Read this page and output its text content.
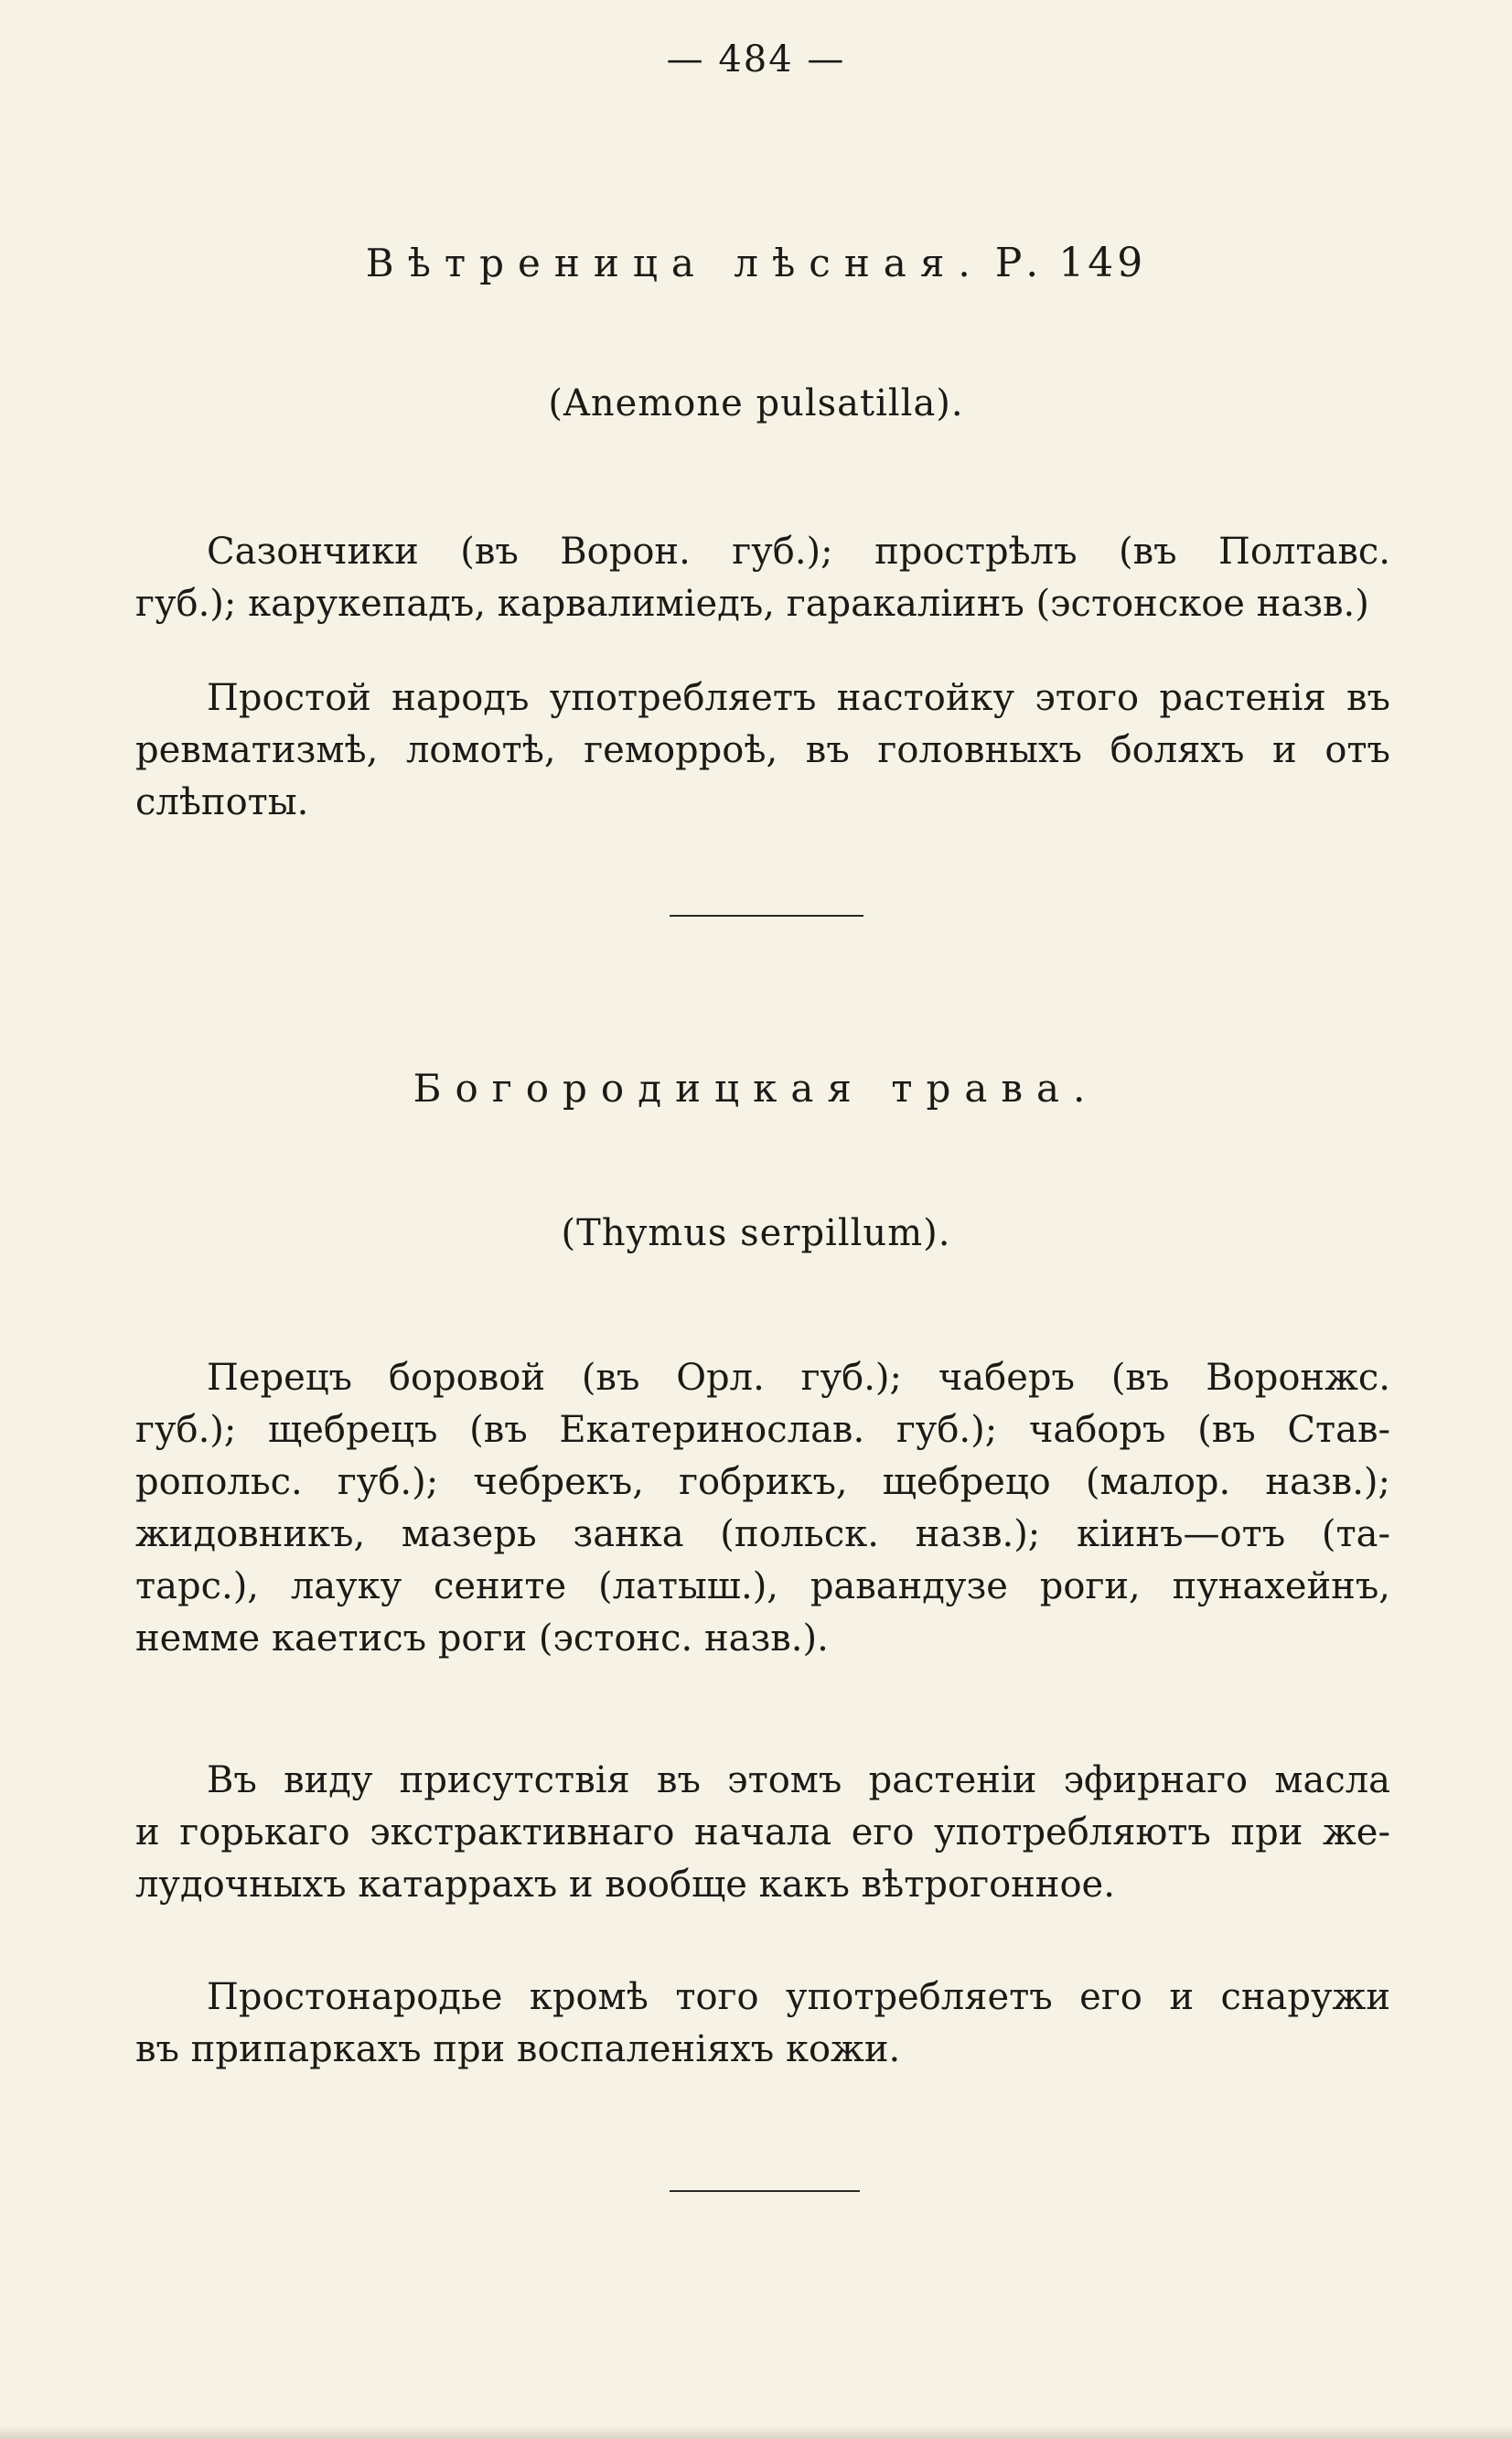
— 484 —
Вѣтреница лѣсная. Р. 149
(Anemone pulsatilla).
Сазончики (въ Ворон. губ.); прострѣлъ (въ Полтавс.
губ.); карукепадъ, карвалимiедъ, гаракалiинъ (эстонское назв.)
Простой народъ употребляетъ настойку этого растенiя въ
ревматизмѣ, ломотѣ, геморроѣ, въ головныхъ боляхъ и отъ
слѣпоты.
Богородицкая трава.
(Thymus serpillum).
Перецъ боровой (въ Орл. губ.); чаберъ (въ Воронжс.
губ.); щебрецъ (въ Екатеринослав. губ.); чаборъ (въ Став-
ропольс. губ.); чебрекъ, гобрикъ, щебрецо (малор. назв.);
жидовникъ, мазерь занка (польск. назв.); кiинъ—отъ (та-
тарс.), лауку сените (латыш.), равандузе роги, пунахейнъ,
немме каетисъ роги (эстонс. назв.).
Въ виду присутствiя въ этомъ растенiи эфирнаго масла
и горькаго экстрактивнаго начала его употребляютъ при же-
лудочныхъ катаррахъ и вообще какъ вѣтрогонное.
Простонародье кромѣ того употребляетъ его и снаружи
въ припаркахъ при воспаленiяхъ кожи.
